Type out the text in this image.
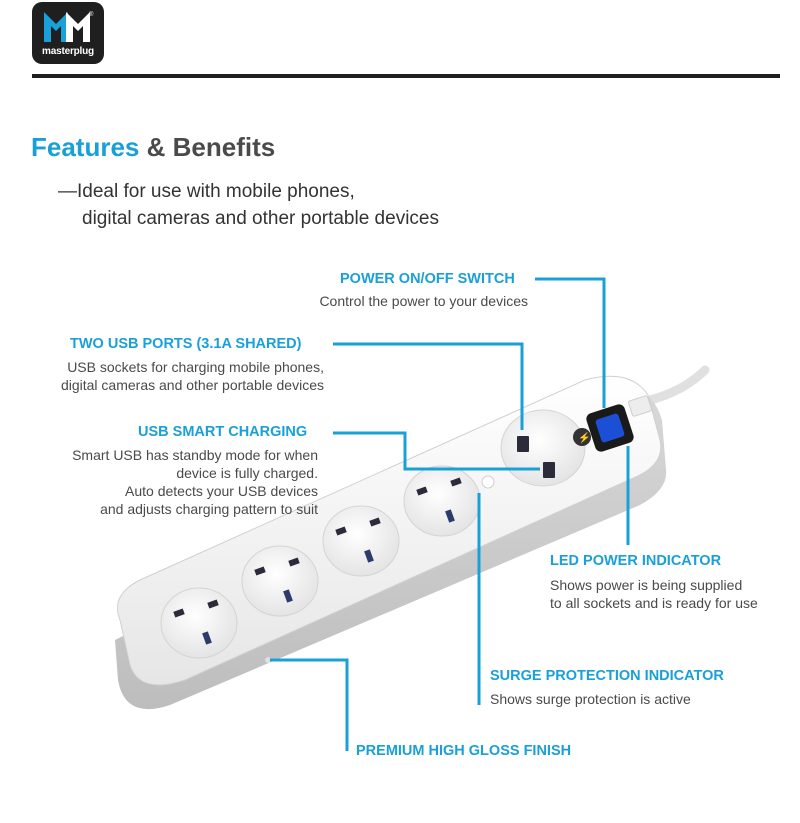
®
masterplug
Features & Benefits
—Ideal for use with mobile phones,
digital cameras and other portable devices
⚡
POWER ON/OFF SWITCH
Control the power to your devices
TWO USB PORTS (3.1A SHARED)
USB sockets for charging mobile phones,
digital cameras and other portable devices
USB SMART CHARGING
Smart USB has standby mode for when
device is fully charged.
Auto detects your USB devices
and adjusts charging pattern to suit
LED POWER INDICATOR
Shows power is being supplied
to all sockets and is ready for use
SURGE PROTECTION INDICATOR
Shows surge protection is active
PREMIUM HIGH GLOSS FINISH
